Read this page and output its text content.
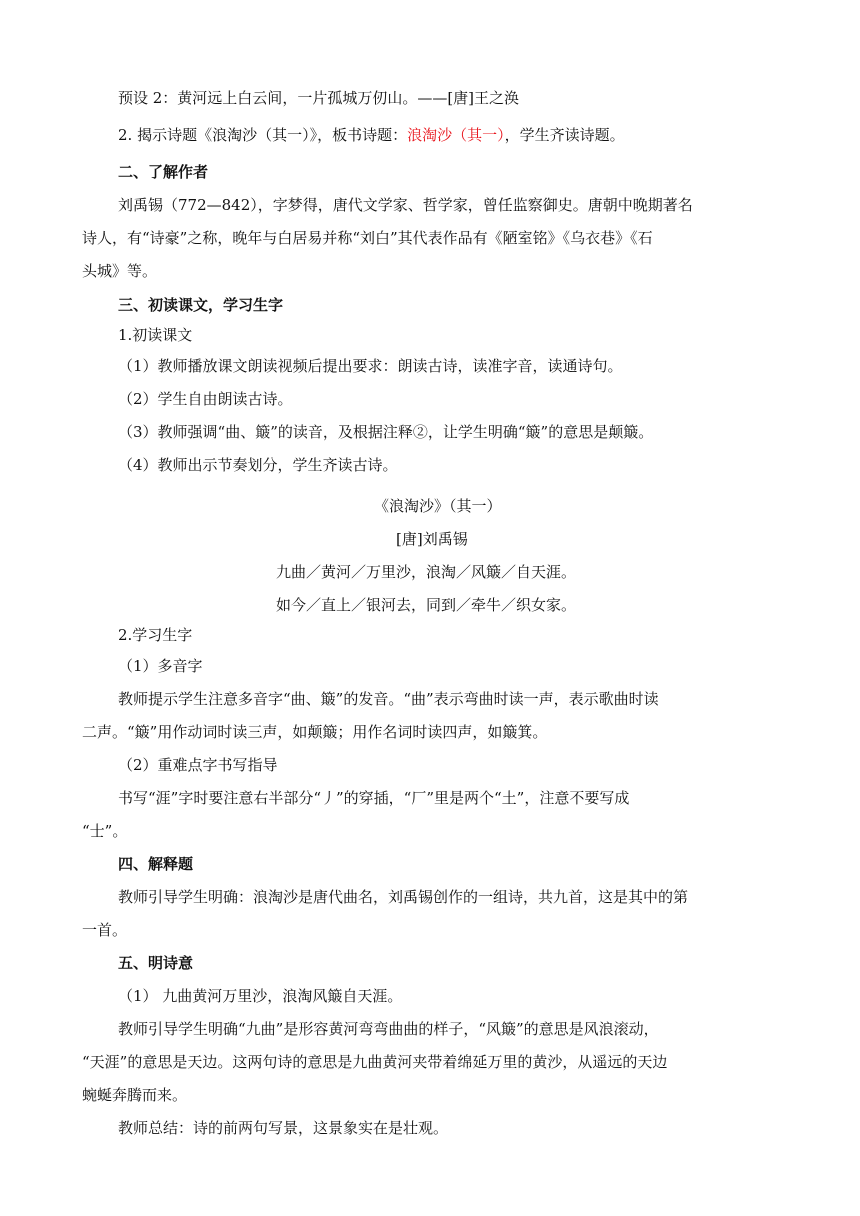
预设 2：黄河远上白云间，一片孤城万仞山。——[唐]王之涣
2. 揭示诗题《浪淘沙（其一）》，板书诗题：浪淘沙（其一），学生齐读诗题。
二、了解作者
刘禹锡（772—842），字梦得，唐代文学家、哲学家，曾任监察御史。唐朝中晚期著名
诗人，有“诗豪”之称，晚年与白居易并称“刘白”其代表作品有《陋室铭》《乌衣巷》《石
头城》等。
三、初读课文，学习生字
1.初读课文
（1）教师播放课文朗读视频后提出要求：朗读古诗，读准字音，读通诗句。
（2）学生自由朗读古诗。
（3）教师强调“曲、簸”的读音，及根据注释②，让学生明确“簸”的意思是颠簸。
（4）教师出示节奏划分，学生齐读古诗。
《浪淘沙》（其一）
[唐]刘禹锡
九曲／黄河／万里沙，浪淘／风簸／自天涯。
如今／直上／银河去，同到／牵牛／织女家。
2.学习生字
（1）多音字
教师提示学生注意多音字“曲、簸”的发音。“曲”表示弯曲时读一声，表示歌曲时读
二声。“簸”用作动词时读三声，如颠簸；用作名词时读四声，如簸箕。
（2）重难点字书写指导
书写“涯”字时要注意右半部分“丿”的穿插，“厂”里是两个“土”，注意不要写成
“士”。
四、解释题
教师引导学生明确：浪淘沙是唐代曲名，刘禹锡创作的一组诗，共九首，这是其中的第
一首。
五、明诗意
（1） 九曲黄河万里沙，浪淘风簸自天涯。
教师引导学生明确“九曲”是形容黄河弯弯曲曲的样子，“风簸”的意思是风浪滚动，
“天涯”的意思是天边。这两句诗的意思是九曲黄河夹带着绵延万里的黄沙，从遥远的天边
蜿蜒奔腾而来。
教师总结：诗的前两句写景，这景象实在是壮观。
